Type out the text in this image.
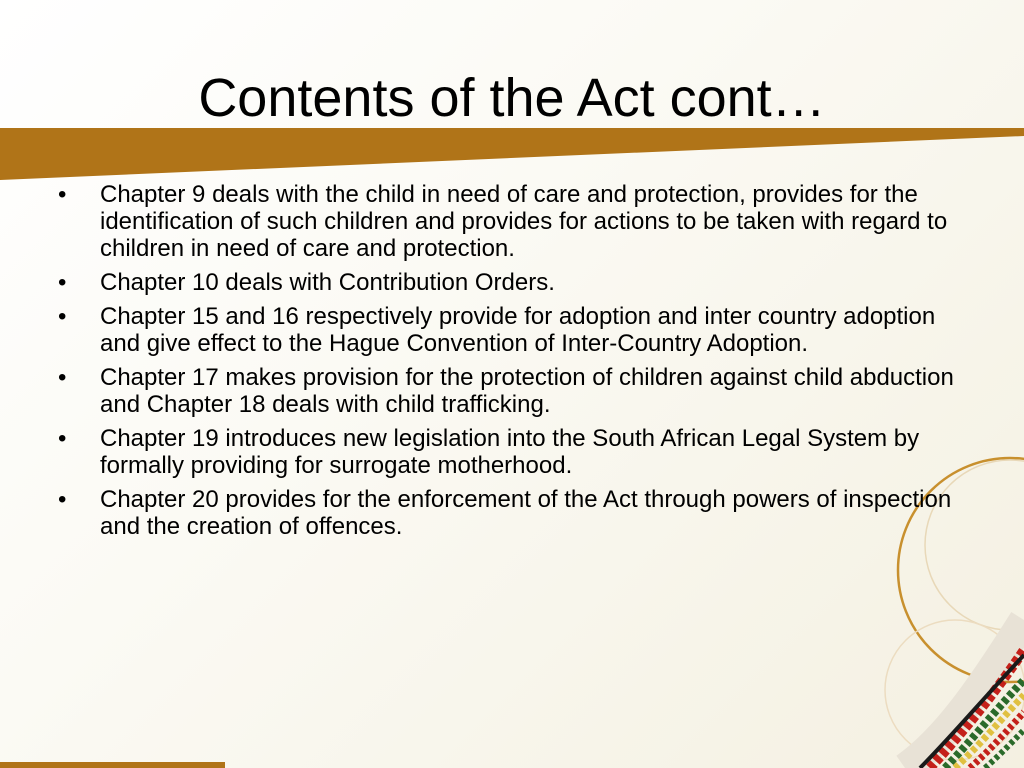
Contents of the Act cont…
• Chapter 9 deals with the child in need of care and protection, provides for the identification of such children and provides for actions to be taken with regard to children in need of care and protection.
• Chapter 10 deals with Contribution Orders.
• Chapter 15 and 16 respectively provide for adoption and inter country adoption and give effect to the Hague Convention of Inter-Country Adoption.
• Chapter 17 makes provision for the protection of children against child abduction and Chapter 18 deals with child trafficking.
• Chapter 19 introduces new legislation into the South African Legal System by formally providing for surrogate motherhood.
• Chapter 20 provides for the enforcement of the Act through powers of inspection and the creation of offences.
